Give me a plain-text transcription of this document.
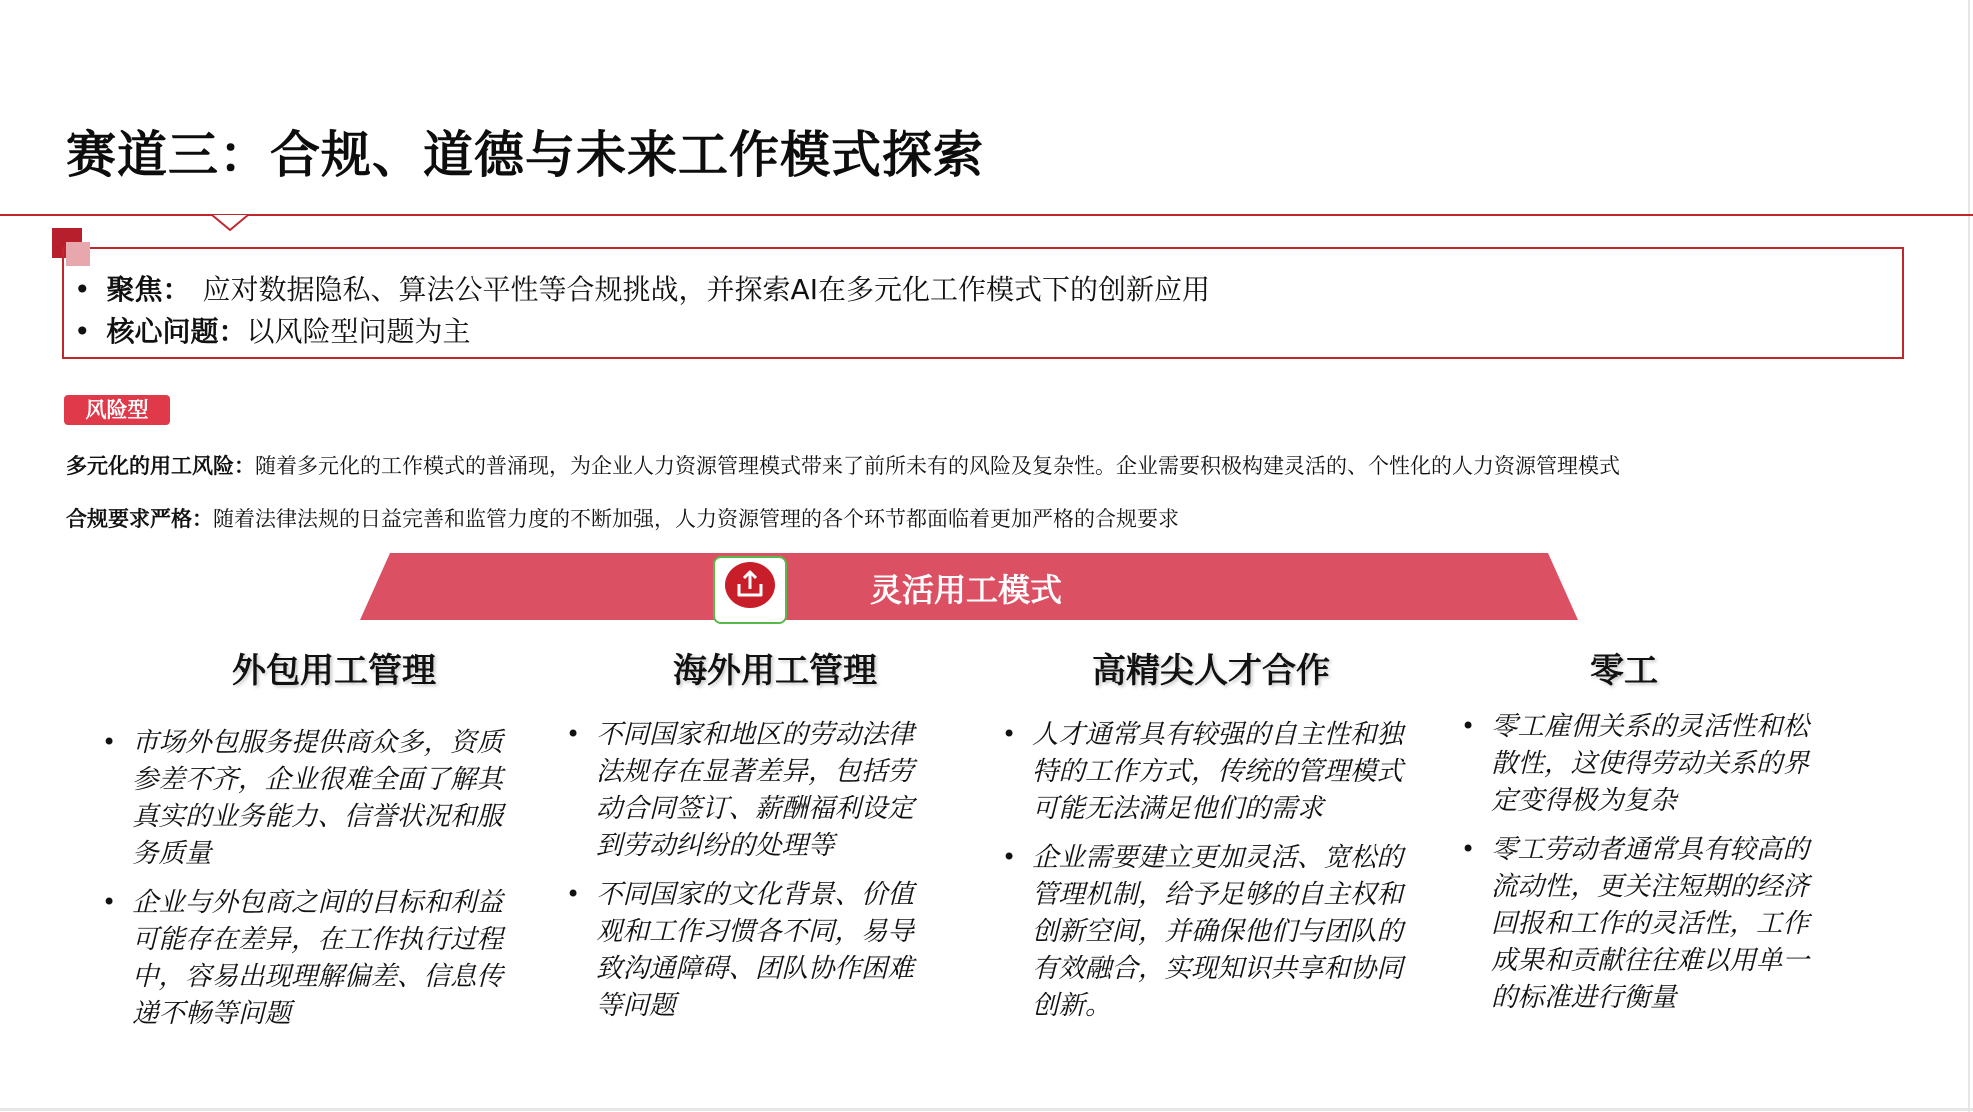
赛道三：合规、道德与未来工作模式探索
• 聚焦： 应对数据隐私、算法公平性等合规挑战，并探索AI在多元化工作模式下的创新应用
• 核心问题：以风险型问题为主
风险型
多元化的用工风险：随着多元化的工作模式的普涌现，为企业人力资源管理模式带来了前所未有的风险及复杂性。企业需要积极构建灵活的、个性化的人力资源管理模式
合规要求严格：随着法律法规的日益完善和监管力度的不断加强，人力资源管理的各个环节都面临着更加严格的合规要求
灵活用工模式
外包用工管理
• 市场外包服务提供商众多，资质参差不齐，企业很难全面了解其真实的业务能力、信誉状况和服务质量
• 企业与外包商之间的目标和利益可能存在差异，在工作执行过程中，容易出现理解偏差、信息传递不畅等问题
海外用工管理
• 不同国家和地区的劳动法律法规存在显著差异，包括劳动合同签订、薪酬福利设定到劳动纠纷的处理等
• 不同国家的文化背景、价值观和工作习惯各不同，易导致沟通障碍、团队协作困难等问题
高精尖人才合作
• 人才通常具有较强的自主性和独特的工作方式，传统的管理模式可能无法满足他们的需求
• 企业需要建立更加灵活、宽松的管理机制，给予足够的自主权和创新空间，并确保他们与团队的有效融合，实现知识共享和协同创新。
零工
• 零工雇佣关系的灵活性和松散性，这使得劳动关系的界定变得极为复杂
• 零工劳动者通常具有较高的流动性，更关注短期的经济回报和工作的灵活性，工作成果和贡献往往难以用单一的标准进行衡量
